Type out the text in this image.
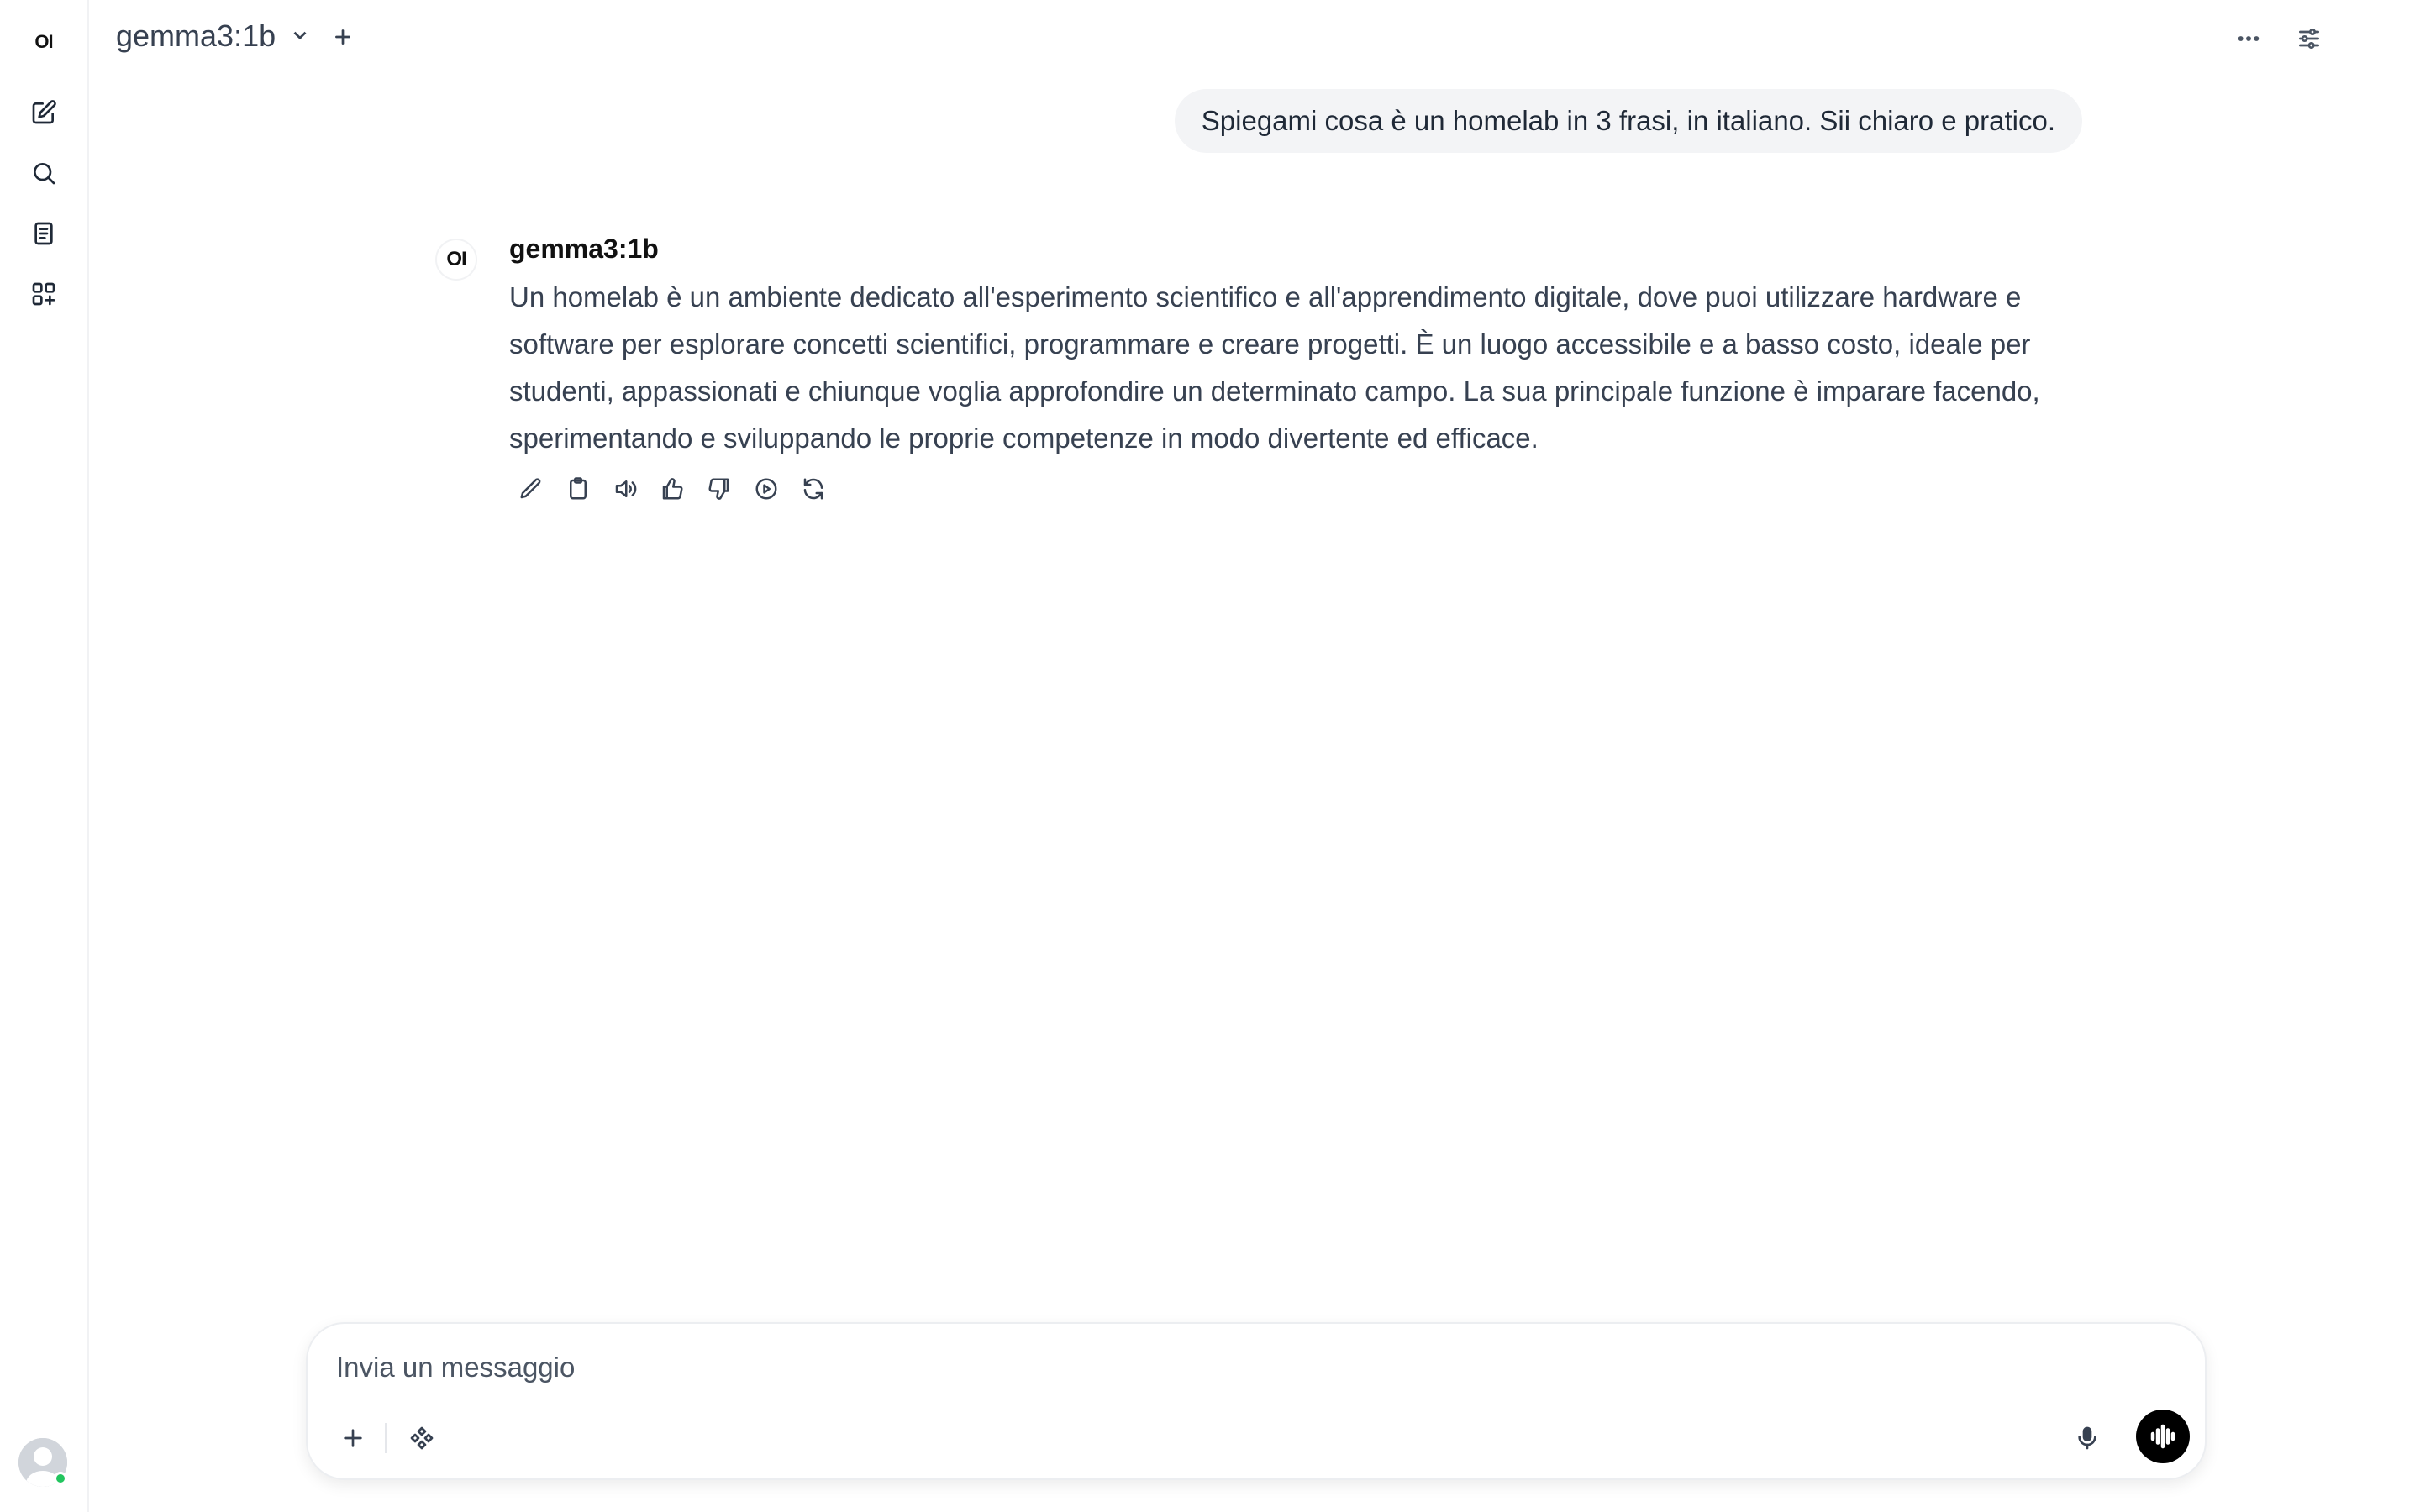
OI gemma3:1b
Spiegami cosa è un homelab in 3 frasi, in italiano. Sii chiaro e pratico.
OI	gemma3:1b
Un homelab è un ambiente dedicato all'esperimento scientifico e all'apprendimento digitale, dove puoi utilizzare hardware e software per esplorare concetti scientifici, programmare e creare progetti. È un luogo accessibile e a basso costo, ideale per studenti, appassionati e chiunque voglia approfondire un determinato campo. La sua principale funzione è imparare facendo, sperimentando e sviluppando le proprie competenze in modo divertente ed efficace.
Invia un messaggio
